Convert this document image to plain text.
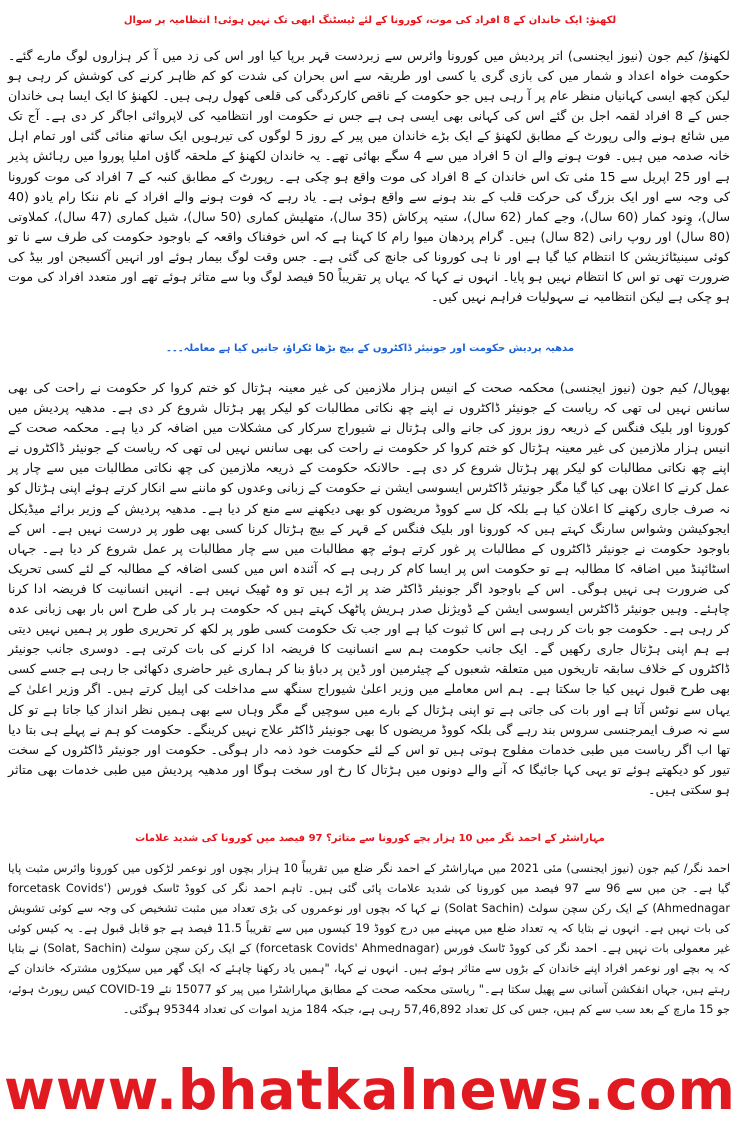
لکھنؤ: ایک خاندان کے 8 افراد کی موت، کورونا کے لئے ٹیسٹنگ ابھی تک نہیں ہوئی! انتظامیہ پر سوال
لکھنؤ/ کیم جون (نیوز ایجنسی) اتر پردیش میں کورونا وائرس سے زبردست قہر برپا کیا اور اس کی زد میں آ کر ہزاروں لوگ مارے گئے۔ حکومت خواہ اعداد و شمار میں کی بازی گری یا کسی اور طریقہ سے اس بحران کی شدت کو کم ظاہر کرنے کی کوشش کر رہی ہو لیکن کچھ ایسی کہانیاں منظر عام پر آ رہی ہیں جو حکومت کے ناقص کارکردگی کی قلعی کھول رہی ہیں۔ لکھنؤ کا ایک ایسا ہی خاندان جس کے 8 افراد لقمہ اجل بن گئے اس کی کہانی بھی ایسی ہی ہے جس نے حکومت اور انتظامیہ کی لاپروائی اجاگر کر دی ہے۔ آج تک میں شائع ہونے والی رپورٹ کے مطابق لکھنؤ کے ایک بڑے خاندان میں پیر کے روز 5 لوگوں کی تیرہویں ایک ساتھ منائی گئی اور تمام اہل خانہ صدمہ میں ہیں۔ فوت ہونے والے ان 5 افراد میں سے 4 سگے بھائی تھے۔ یہ خاندان لکھنؤ کے ملحقہ گاؤں املیا پوروا میں رہائش پذیر ہے اور 25 اپریل سے 15 مئی تک اس خاندان کے 8 افراد کی موت واقع ہو چکی ہے۔ رپورٹ کے مطابق کنبہ کے 7 افراد کی موت کورونا کی وجہ سے اور ایک بزرگ کی حرکت قلب کے بند ہونے سے واقع ہوئی ہے۔ یاد رہے کہ فوت ہونے والے افراد کے نام ننکا رام یادو (40 سال)، وِنود کمار (60 سال)، وجے کمار (62 سال)، ستیہ پرکاش (35 سال)، متھلیش کماری (50 سال)، شیل کماری (47 سال)، کملاوتی (80 سال) اور روپ رانی (82 سال) ہیں۔ گرام پردھان میوا رام کا کہنا ہے کہ اس خوفناک واقعہ کے باوجود حکومت کی طرف سے نا تو کوئی سینیٹائزیشن کا انتظام کیا گیا ہے اور نا ہی کورونا کی جانچ کی گئی ہے۔ جس وقت لوگ بیمار ہوئے اور انہیں آکسیجن اور بیڈ کی ضرورت تھی تو اس کا انتظام نہیں ہو پایا۔ انہوں نے کہا کہ یہاں پر تقریباً 50 فیصد لوگ وبا سے متاثر ہوئے تھے اور متعدد افراد کی موت ہو چکی ہے لیکن انتظامیہ نے سہولیات فراہم نہیں کیں۔
مدھیہ پردیش حکومت اور جونیئر ڈاکٹروں کے بیچ بڑھا ٹکراؤ، جانیں کیا ہے معاملہ۔۔۔
بھوپال/ کیم جون (نیوز ایجنسی) محکمہ صحت کے انیس ہزار ملازمین کی غیر معینہ ہڑتال کو ختم کروا کر حکومت نے راحت کی بھی سانس نہیں لی تھی کہ ریاست کے جونیئر ڈاکٹروں نے اپنے چھ نکاتی مطالبات کو لیکر پھر ہڑتال شروع کر دی ہے۔ مدھیہ پردیش میں کورونا اور بلیک فنگس کے ذریعہ روز بروز کی جانے والی ہڑتال نے شیوراج سرکار کی مشکلات میں اضافہ کر دیا ہے۔ محکمہ صحت کے انیس ہزار ملازمین کی غیر معینہ ہڑتال کو ختم کروا کر حکومت نے راحت کی بھی سانس نہیں لی تھی کہ ریاست کے جونیئر ڈاکٹروں نے اپنے چھ نکاتی مطالبات کو لیکر پھر ہڑتال شروع کر دی ہے۔ حالانکہ حکومت کے ذریعہ ملازمین کی چھ نکاتی مطالبات میں سے چار پر عمل کرنے کا اعلان بھی کیا گیا مگر جونیئر ڈاکٹرس ایسوسی ایشن نے حکومت کے زبانی وعدوں کو ماننے سے انکار کرتے ہوئے اپنی ہڑتال کو نہ صرف جاری رکھنے کا اعلان کیا ہے بلکہ کل سے کووڈ مریضوں کو بھی دیکھنے سے منع کر دیا ہے۔ مدھیہ پردیش کے وزیر برائے میڈیکل ایجوکیشن وشواس سارنگ کہتے ہیں کہ کورونا اور بلیک فنگس کے قہر کے بیچ ہڑتال کرنا کسی بھی طور پر درست نہیں ہے۔ اس کے باوجود حکومت نے جونیئر ڈاکٹروں کے مطالبات پر غور کرتے ہوئے چھ مطالبات میں سے چار مطالبات پر عمل شروع کر دیا ہے۔ جہاں اسٹائپنڈ میں اضافہ کا مطالبہ ہے تو حکومت اس پر ایسا کام کر رہی ہے کہ آئندہ اس میں کسی اضافہ کے مطالبہ کے لئے کسی تحریک کی ضرورت ہی نہیں ہوگی۔ اس کے باوجود اگر جونیئر ڈاکٹر ضد پر اڑے ہیں تو وہ ٹھیک نہیں ہے۔ انہیں انسانیت کا فریضہ ادا کرنا چاہئے۔ وہیں جونیئر ڈاکٹرس ایسوسی ایشن کے ڈویژنل صدر ہریش پاٹھک کہتے ہیں کہ حکومت ہر بار کی طرح اس بار بھی زبانی عدہ کر رہی ہے۔ حکومت جو بات کر رہی ہے اس کا ثبوت کیا ہے اور جب تک حکومت کسی طور پر لکھ کر تحریری طور پر ہمیں نہیں دیتی ہے ہم اپنی ہڑتال جاری رکھیں گے۔ ایک جانب حکومت ہم سے انسانیت کا فریضہ ادا کرنے کی بات کرتی ہے۔ دوسری جانب جونیئر ڈاکٹروں کے خلاف سابقہ تاریخوں میں متعلقہ شعبوں کے چیئرمین اور ڈین پر دباؤ بنا کر ہماری غیر حاضری دکھائی جا رہی ہے جسے کسی بھی طرح قبول نہیں کیا جا سکتا ہے۔ ہم اس معاملے میں وزیر اعلیٰ شیوراج سنگھ سے مداخلت کی اپیل کرتے ہیں۔ اگر وزیر اعلیٰ کے یہاں سے نوٹس آتا ہے اور بات کی جاتی ہے تو اپنی ہڑتال کے بارے میں سوچیں گے مگر وہاں سے بھی ہمیں نظر انداز کیا جاتا ہے تو کل سے نہ صرف ایمرجنسی سروس بند رہے گی بلکہ کووڈ مریضوں کا بھی جونیئر ڈاکٹر علاج نہیں کرینگے۔ حکومت کو ہم نے پہلے ہی بتا دیا تھا اب اگر ریاست میں طبی خدمات مفلوج ہوتی ہیں تو اس کے لئے حکومت خود ذمہ دار ہوگی۔ حکومت اور جونیئر ڈاکٹروں کے سخت تیور کو دیکھتے ہوئے تو یہی کہا جائیگا کہ آنے والے دونوں میں ہڑتال کا رخ اور سخت ہوگا اور مدھیہ پردیش میں طبی خدمات بھی متاثر ہو سکتی ہیں۔
مہاراشٹر کے احمد نگر میں 10 ہزار بچے کورونا سے متاثر؟ 97 فیصد میں کورونا کی شدید علامات
احمد نگر/ کیم جون (نیوز ایجنسی) مئی 2021 میں مہاراشٹر کے احمد نگر ضلع میں تقریباً 10 ہزار بچوں اور نوعمر لڑکوں میں کورونا وائرس مثبت پایا گیا ہے۔ جن میں سے 96 سے 97 فیصد میں کورونا کی شدید علامات پائی گئی ہیں۔ تاہم احمد نگر کی کووڈ ٹاسک فورس (forcetask Covids' Ahmednagar) کے ایک رکن سچن سولٹ (Solat Sachin) نے کہا کہ بچوں اور نوعمروں کی بڑی تعداد میں مثبت تشخیص کی وجہ سے کوئی تشویش کی بات نہیں ہے۔ انہوں نے بتایا کہ یہ تعداد ضلع میں مہینے میں درج کووڈ 19 کیسوں میں سے تقریباً 11.5 فیصد ہے جو قابل قبول ہے۔ یہ کیس کوئی غیر معمولی بات نہیں ہے۔ احمد نگر کی کووڈ ٹاسک فورس (forcetask Covids' Ahmednagar) کے ایک رکن سچن سولٹ (Solat, Sachin) نے بتایا کہ یہ بچے اور نوعمر افراد اپنے خاندان کے بڑوں سے متاثر ہوئے ہیں۔ انہوں نے کہا، "ہمیں یاد رکھنا چاہئے کہ ایک گھر میں سیکڑوں مشترکہ خاندان کے رہتے ہیں، جہاں انفکشن آسانی سے پھیل سکتا ہے۔" ریاستی محکمہ صحت کے مطابق مہاراشٹرا میں پیر کو 15077 نئے COVID-19 کیس رپورٹ ہوئے، جو 15 مارچ کے بعد سب سے کم ہیں، جس کی کل تعداد 57,46,892 رہی ہے، جبکہ 184 مزید اموات کی تعداد 95344 ہوگئی۔
www.bhatkalnews.com
